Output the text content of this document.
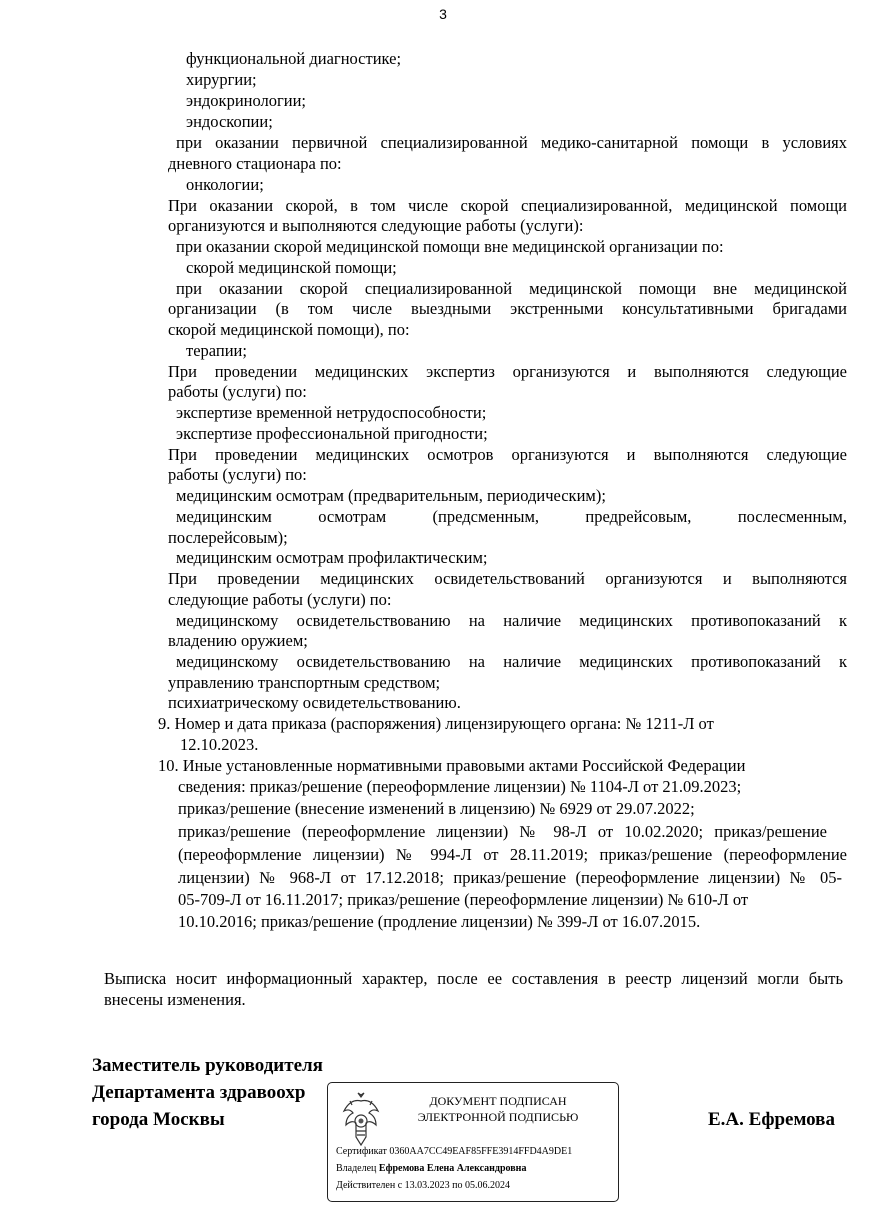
3
функциональной диагностике;
хирургии;
эндокринологии;
эндоскопии;
при оказании первичной специализированной медико-санитарной помощи в условиях
дневного стационара по:
онкологии;
При оказании скорой, в том числе скорой специализированной, медицинской помощи
организуются и выполняются следующие работы (услуги):
при оказании скорой медицинской помощи вне медицинской организации по:
скорой медицинской помощи;
при оказании скорой специализированной медицинской помощи вне медицинской
организации (в том числе выездными экстренными консультативными бригадами
скорой медицинской помощи), по:
терапии;
При проведении медицинских экспертиз организуются и выполняются следующие
работы (услуги) по:
экспертизе временной нетрудоспособности;
экспертизе профессиональной пригодности;
При проведении медицинских осмотров организуются и выполняются следующие
работы (услуги) по:
медицинским осмотрам (предварительным, периодическим);
медицинским осмотрам (предсменным, предрейсовым, послесменным,
послерейсовым);
медицинским осмотрам профилактическим;
При проведении медицинских освидетельствований организуются и выполняются
следующие работы (услуги) по:
медицинскому освидетельствованию на наличие медицинских противопоказаний к
владению оружием;
медицинскому освидетельствованию на наличие медицинских противопоказаний к
управлению транспортным средством;
психиатрическому освидетельствованию.
9. Номер и дата приказа (распоряжения) лицензирующего органа: № 1211-Л от
12.10.2023.
10. Иные установленные нормативными правовыми актами Российской Федерации
сведения: приказ/решение (переоформление лицензии) № 1104-Л от 21.09.2023;
приказ/решение (внесение изменений в лицензию) № 6929 от 29.07.2022;
приказ/решение (переоформление лицензии) № 98-Л от 10.02.2020; приказ/решение
(переоформление лицензии) № 994-Л от 28.11.2019; приказ/решение (переоформление
лицензии) № 968-Л от 17.12.2018; приказ/решение (переоформление лицензии) № 05-
05-709-Л от 16.11.2017; приказ/решение (переоформление лицензии) № 610-Л от
10.10.2016; приказ/решение (продление лицензии) № 399-Л от 16.07.2015.
Выписка носит информационный характер, после ее составления в реестр лицензий могли быть
внесены изменения.
Заместитель руководителя
Департамента здравоохр
города Москвы	Е.А. Ефремова
ДОКУМЕНТ ПОДПИСАН
ЭЛЕКТРОННОЙ ПОДПИСЬЮ
Сертификат 0360AA7CC49EAF85FFE3914FFD4A9DE1
Владелец Ефремова Елена Александровна
Действителен с 13.03.2023 по 05.06.2024
